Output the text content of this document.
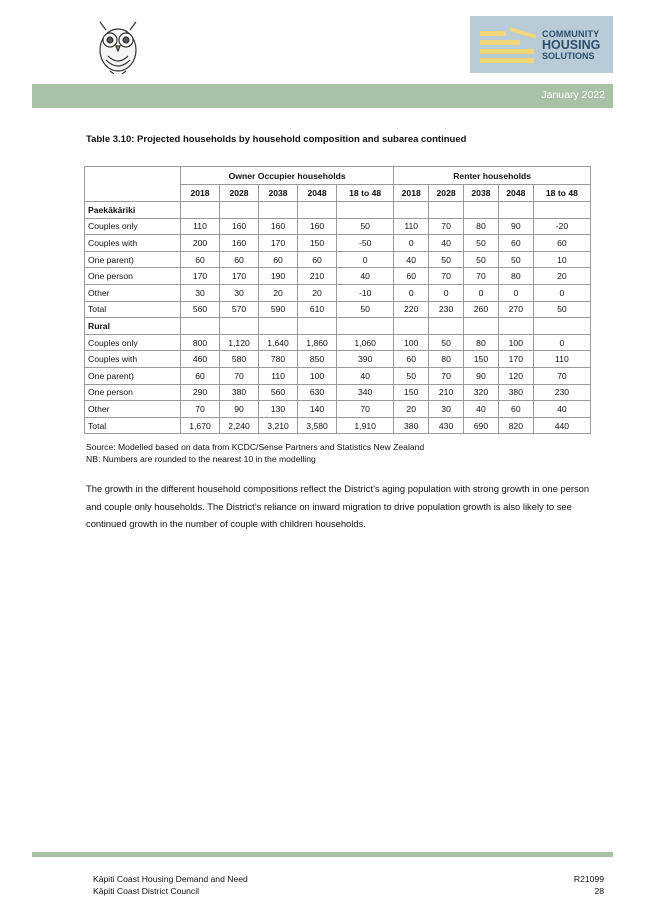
COMMUNITY
HOUSING
SOLUTIONS
January 2022
Table 3.10: Projected households by household composition and subarea continued
	Owner Occupier households					Renter households				
	2018	2028	2038	2048	18 to 48	2018	2028	2038	2048	18 to 48
Paekākāriki										
Couples only	110	160	160	160	50	110	70	80	90	-20
Couples with	200	160	170	150	-50	0	40	50	60	60
One parent)	60	60	60	60	0	40	50	50	50	10
One person	170	170	190	210	40	60	70	70	80	20
Other	30	30	20	20	-10	0	0	0	0	0
Total	560	570	590	610	50	220	230	260	270	50
Rural										
Couples only	800	1,120	1,640	1,860	1,060	100	50	80	100	0
Couples with	460	580	780	850	390	60	80	150	170	110
One parent)	60	70	110	100	40	50	70	90	120	70
One person	290	380	560	630	340	150	210	320	380	230
Other	70	90	130	140	70	20	30	40	60	40
Total	1,670	2,240	3,210	3,580	1,910	380	430	690	820	440
Source: Modelled based on data from KCDC/Sense Partners and Statistics New Zealand
NB: Numbers are rounded to the nearest 10 in the modelling
The growth in the different household compositions reflect the District’s aging population with strong growth in one person and couple only households. The District’s reliance on inward migration to drive population growth is also likely to see continued growth in the number of couple with children households.
Kāpiti Coast Housing Demand and Need
Kāpiti Coast District Council
R21099
28
